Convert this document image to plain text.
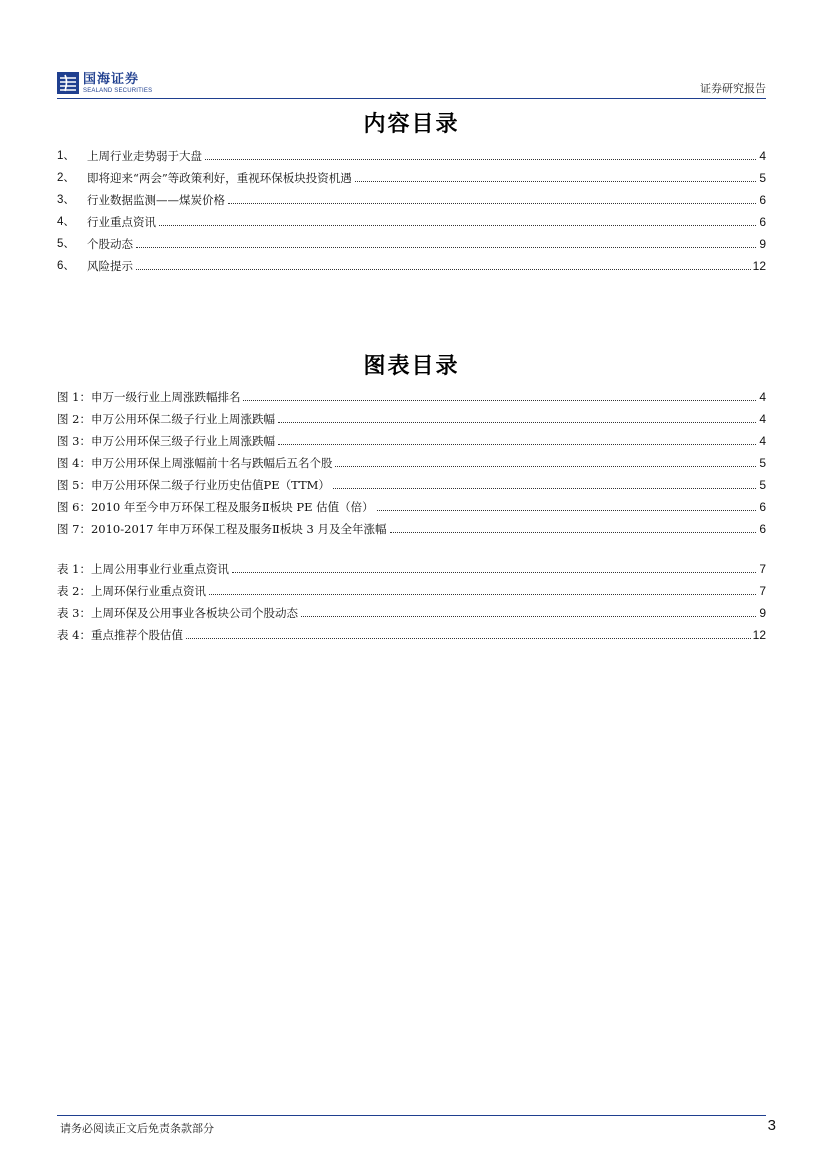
国海证券
SEALAND SECURITIES	证券研究报告
内容目录
1、	上周行业走势弱于大盘	4
2、	即将迎来“两会”等政策利好，重视环保板块投资机遇	5
3、	行业数据监测——煤炭价格	6
4、	行业重点资讯	6
5、	个股动态	9
6、	风险提示	12
图表目录
图 1：申万一级行业上周涨跌幅排名	4
图 2：申万公用环保二级子行业上周涨跌幅	4
图 3：申万公用环保三级子行业上周涨跌幅	4
图 4：申万公用环保上周涨幅前十名与跌幅后五名个股	5
图 5：申万公用环保二级子行业历史估值PE（TTM）	5
图 6：2010 年至今申万环保工程及服务Ⅱ板块 PE 估值（倍）	6
图 7：2010-2017 年申万环保工程及服务Ⅱ板块 3 月及全年涨幅	6
表 1：上周公用事业行业重点资讯	7
表 2：上周环保行业重点资讯	7
表 3：上周环保及公用事业各板块公司个股动态	9
表 4：重点推荐个股估值	12
请务必阅读正文后免责条款部分	3
